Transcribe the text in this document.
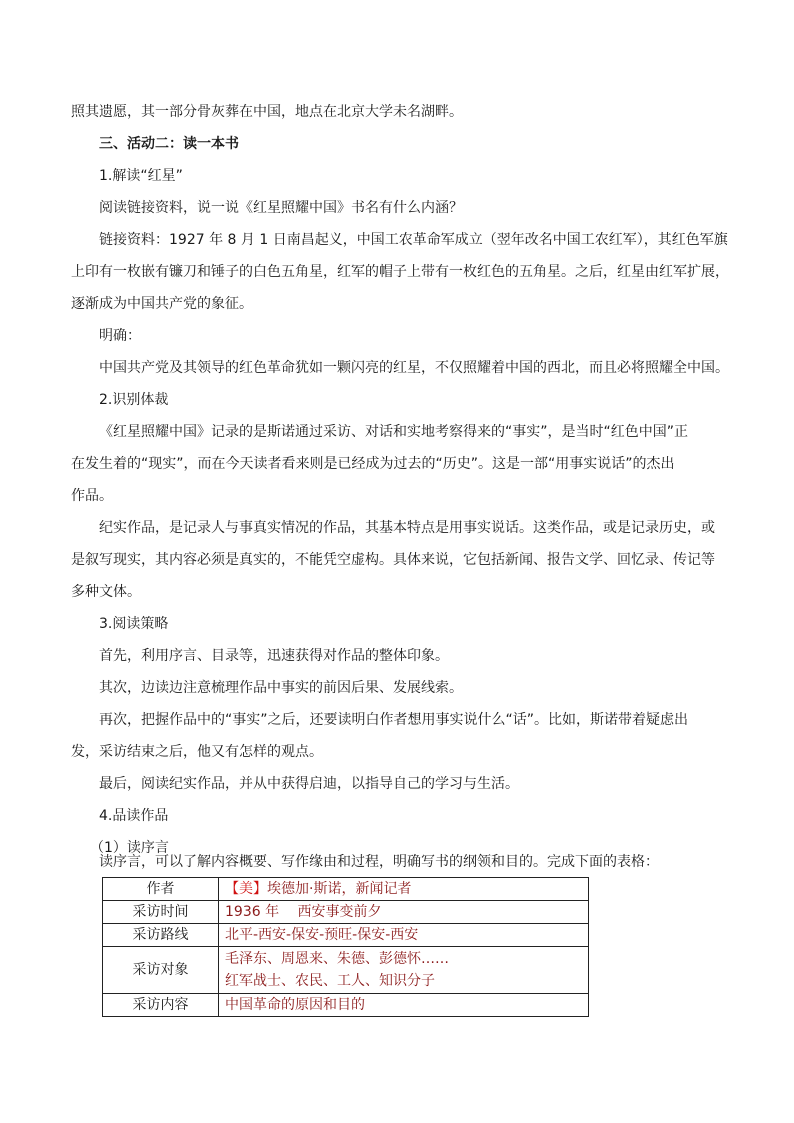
照其遗愿，其一部分骨灰葬在中国，地点在北京大学未名湖畔。

三、活动二：读一本书

1.解读“红星”

阅读链接资料，说一说《红星照耀中国》书名有什么内涵？

链接资料：1927 年 8 月 1 日南昌起义，中国工农革命军成立（翌年改名中国工农红军），其红色军旗

上印有一枚嵌有镰刀和锤子的白色五角星，红军的帽子上带有一枚红色的五角星。之后，红星由红军扩展，

逐渐成为中国共产党的象征。

明确：

中国共产党及其领导的红色革命犹如一颗闪亮的红星，不仅照耀着中国的西北，而且必将照耀全中国。

2.识别体裁

《红星照耀中国》记录的是斯诺通过采访、对话和实地考察得来的“事实”，是当时“红色中国”正

在发生着的“现实”，而在今天读者看来则是已经成为过去的“历史”。这是一部“用事实说话”的杰出

作品。

纪实作品，是记录人与事真实情况的作品，其基本特点是用事实说话。这类作品，或是记录历史，或

是叙写现实，其内容必须是真实的，不能凭空虚构。具体来说，它包括新闻、报告文学、回忆录、传记等

多种文体。

3.阅读策略

首先，利用序言、目录等，迅速获得对作品的整体印象。

其次，边读边注意梳理作品中事实的前因后果、发展线索。

再次，把握作品中的“事实”之后，还要读明白作者想用事实说什么“话”。比如，斯诺带着疑虑出

发，采访结束之后，他又有怎样的观点。

最后，阅读纪实作品，并从中获得启迪，以指导自己的学习与生活。

4.品读作品

（1）读序言

读序言，可以了解内容概要、写作缘由和过程，明确写书的纲领和目的。完成下面的表格：

作者	【美】埃德加·斯诺，新闻记者
采访时间	1936 年　 西安事变前夕
采访路线	北平-西安-保安-预旺-保安-西安
采访对象	毛泽东、周恩来、朱德、彭德怀……
红军战士、农民、工人、知识分子

采访内容	中国革命的原因和目的
